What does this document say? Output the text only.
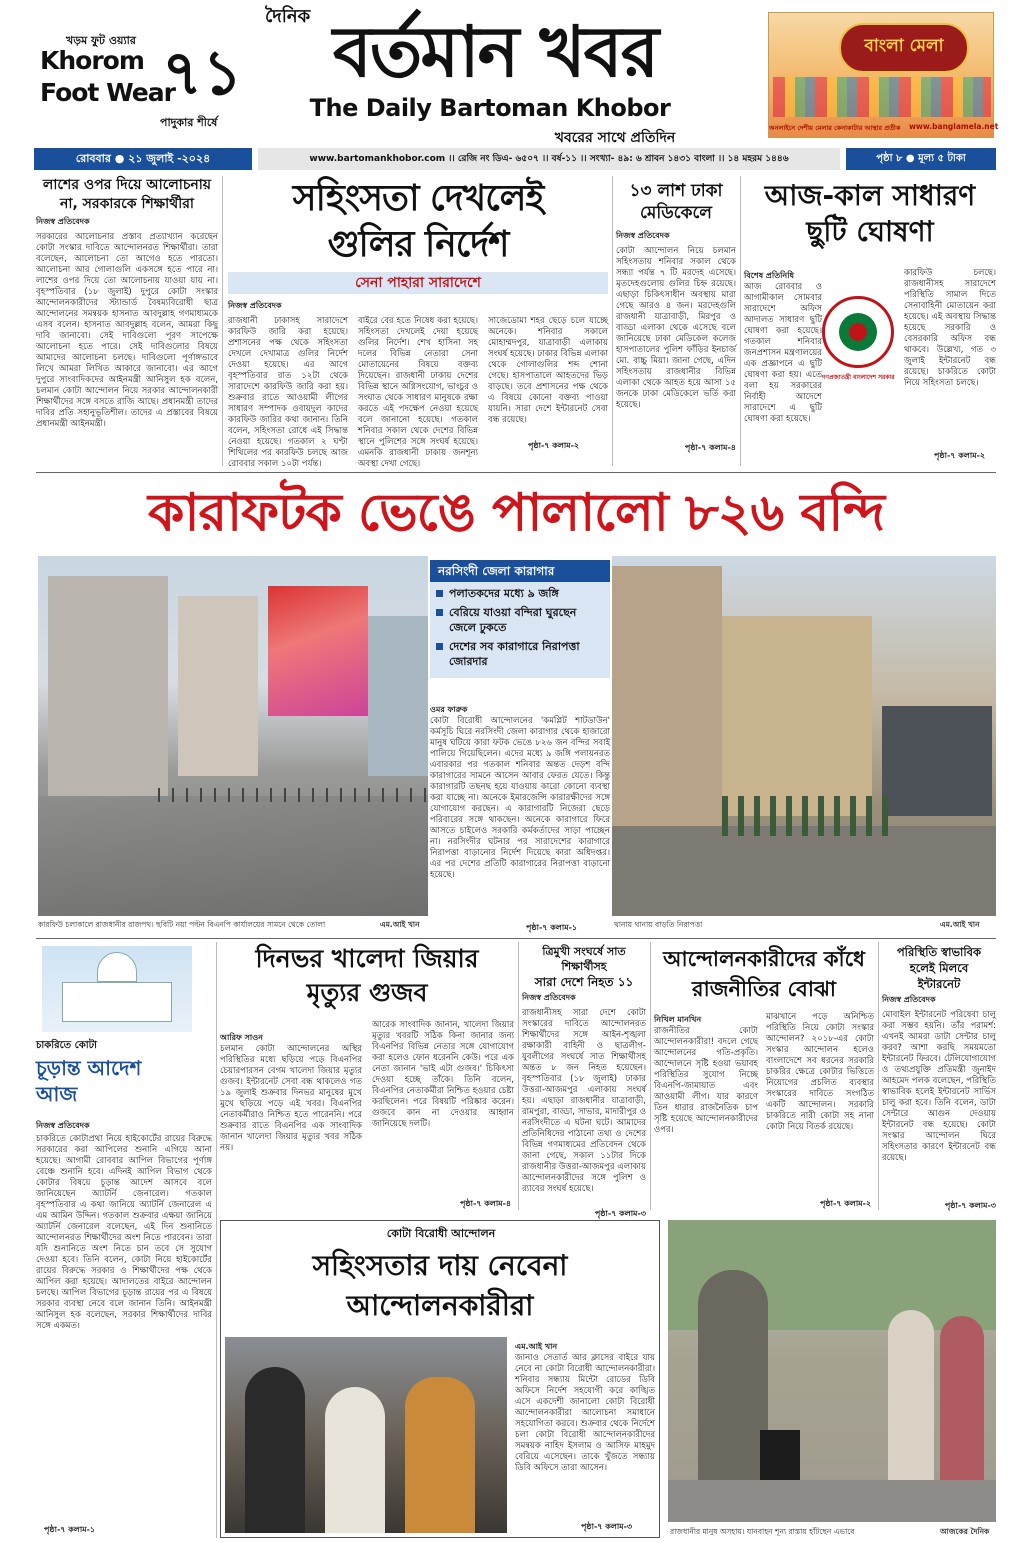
খড়ম ফুট ওয়্যার
Khorom
Foot Wear
পাদুকার শীর্ষে
৭১
দৈনিক বর্তমান খবর
The Daily Bartoman Khobor
খবরের সাথে প্রতিদিন
বাংলা মেলা
অনলাইনে দেশীয় মেলার কেনাকাটার আস্থার প্রতীক	www.banglamela.net
রোববার ● ২১ জুলাই -২০২৪	www.bartomankhobor.com ।। রেজি নং ডিএ- ৬৫০৭ ।। বর্ষ-১১ ।। সংখ্যা- ৪৯: ৬ শ্রাবন ১৪৩১ বাংলা ।। ১৪ মহরম ১৪৪৬	পৃষ্ঠা ৮ ● মূল্য ৫ টাকা
লাশের ওপর দিয়ে আলোচনায় না, সরকারকে শিক্ষার্থীরা
নিজস্ব প্রতিবেদক
সরকারের আলোচনার প্রস্তাব প্রত্যাখ্যান করেছেন কোটা সংস্কার দাবিতে আন্দোলনরত শিক্ষার্থীরা। তারা বলেছেন, আলোচনা তো আগেও হতে পারতো। আলোচনা আর গোলাগুলি একসঙ্গে হতে পারে না। লাশের ওপর দিয়ে তো আলোচনায় যাওয়া যায় না। বৃহস্পতিবার (১৮ জুলাই) দুপুরে কোটা সংস্কার আন্দোলনকারীদের স্ট্যান্ডার্ড বৈষম্যবিরোধী ছাত্র আন্দোলনের সমন্বয়ক হাসনাত আবদুল্লাহ গণমাধ্যমকে এসব বলেন। হাসনাত আবদুল্লাহ বলেন, আমরা কিছু দাবি জানাবো। সেই দাবিগুলো পূরণ সাপেক্ষে আলোচনা হতে পারে। সেই দাবিগুলোর বিষয়ে আমাদের আলোচনা চলছে। দাবিগুলো পূর্ণাঙ্গভাবে লিখে আমরা লিখিত আকারে জানাবো। এর আগে দুপুরে সাংবাদিকদের আইনমন্ত্রী আনিসুল হক বলেন, চলমান কোটা আন্দোলন নিয়ে সরকার আন্দোলনকারী শিক্ষার্থীদের সঙ্গে বসতে রাজি আছে। প্রধানমন্ত্রী তাদের দাবির প্রতি সহানুভূতিশীল। তাদের এ প্রস্তাবের বিষয়ে প্রধানমন্ত্রী আইনমন্ত্রী।
সহিংসতা দেখলেই
গুলির নির্দেশ
সেনা পাহারা সারাদেশে
নিজস্ব প্রতিবেদক
রাজধানী ঢাকাসহ সারাদেশে কারফিউ জারি করা হয়েছে। প্রশাসনের পক্ষ থেকে সহিংসতা দেখলে দেখামাত্র গুলির নির্দেশ দেওয়া হয়েছে। এর আগে বৃহস্পতিবার রাত ১২টা থেকে সারাদেশে কারফিউ জারি করা হয়। শুক্রবার রাতে আওয়ামী লীগের সাধারণ সম্পাদক ওবায়দুল কাদের কারফিউ জারির কথা জানান। তিনি বলেন, সহিংসতা রোধে এই সিদ্ধান্ত নেওয়া হয়েছে। গতকাল ২ ঘণ্টা শিথিলের পর কারফিউ চলছে আজ রোববার সকাল ১০টা পর্যন্ত।
বাইরে বের হতে নিষেধ করা হয়েছে। সহিংসতা দেখলেই দেয়া হয়েছে গুলির নির্দেশ। শেখ হাসিনা সহ দলের বিভিন্ন নেতারা সেনা মোতায়েনের বিষয়ে বক্তব্য দিয়েছেন। রাজধানী ঢাকায় দেশের বিভিন্ন স্থানে অগ্নিসংযোগ, ভাংচুর ও সংঘাত থেকে সাধারণ মানুষকে রক্ষা করতে এই পদক্ষেপ নেওয়া হয়েছে বলে জানানো হয়েছে। গতকাল শনিবার সকাল থেকে দেশের বিভিন্ন স্থানে পুলিশের সঙ্গে সংঘর্ষ হয়েছে। এমনকি রাজধানী ঢাকায় জনশূন্য অবস্থা দেখা গেছে।
সাজেডোমা শহর ছেড়ে চলে যাচ্ছে অনেকে। শনিবার সকালে মোহাম্মদপুর, যাত্রাবাড়ী এলাকায় সংঘর্ষ হয়েছে। ঢাকার বিভিন্ন এলাকা থেকে গোলাগুলির শব্দ শোনা গেছে। হাসপাতালে আহতদের ভিড় বাড়ছে। তবে প্রশাসনের পক্ষ থেকে এ বিষয়ে কোনো বক্তব্য পাওয়া যায়নি। সারা দেশে ইন্টারনেট সেবা বন্ধ রয়েছে।
পৃষ্ঠা-৭ কলাম-২
১৩ লাশ ঢাকা
মেডিকেলে
নিজস্ব প্রতিবেদক
কোটা আন্দোলন নিয়ে চলমান সহিংসতায় শনিবার সকাল থেকে সন্ধ্যা পর্যন্ত ৭ টি মরদেহ এসেছে। মৃতদেহগুলোয় গুলির চিহ্ন রয়েছে। এছাড়া চিকিৎসাধীন অবস্থায় মারা গেছে আরও ৪ জন। মরদেহগুলি রাজধানী যাত্রাবাড়ী, মিরপুর ও বাড্ডা এলাকা থেকে এসেছে বলে জানিয়েছে ঢাকা মেডিকেল কলেজ হাসপাতালের পুলিশ ফাঁড়ির ইনচার্জ মো. বাচ্চু মিয়া। জানা গেছে, এদিন সহিংসতায় রাজধানীর বিভিন্ন এলাকা থেকে আহত হয়ে আসা ১৫ জনকে ঢাকা মেডিকেলে ভর্তি করা হয়েছে।
পৃষ্ঠা-৭ কলাম-৪
আজ-কাল সাধারণ
ছুটি ঘোষণা
বিশেষ প্রতিনিধি
আজ রোববার ও আগামীকাল সোমবার সারাদেশে অফিস আদালত সাধারণ ছুটি ঘোষণা করা হয়েছে। গতকাল শনিবার জনপ্রশাসন মন্ত্রণালয়ের এক প্রজ্ঞাপনে এ ছুটি ঘোষণা করা হয়। এতে বলা হয় সরকারের নির্বাহী আদেশে সারাদেশে এ ছুটি ঘোষণা করা হয়েছে।
গণপ্রজাতন্ত্রী বাংলাদেশ সরকার
কারফিউ চলছে। রাজধানীসহ সারাদেশে পরিস্থিতি সামাল দিতে সেনাবাহিনী মোতায়েন করা হয়েছে। এই অবস্থায় সিদ্ধান্ত হয়েছে সরকারি ও বেসরকারি অফিস বন্ধ থাকবে। উল্লেখ্য, গত ৩ জুলাই ইন্টারনেট বন্ধ রয়েছে। চাকরিতে কোটা নিয়ে সহিংসতা চলছে।
পৃষ্ঠা-৭ কলাম-২
কারাফটক ভেঙে পালালো ৮২৬ বন্দি
নরসিংদী জেলা কারাগার
পলাতকদের মধ্যে ৯ জঙ্গি
বেরিয়ে যাওয়া বন্দিরা ঘুরছেন জেলে ঢুকতে
দেশের সব কারাগারে নিরাপত্তা জোরদার
ওমর ফারুক
কোটা বিরোধী আন্দোলনের 'কমপ্লিট শাটডাউন' কর্মসূচি ঘিরে নরসিংদী জেলা কারাগার থেকে হাজারো মানুষ ঘটিয়ে কারা ফটক ভেঙে ৮২৬ জন বন্দির সবাই পালিয়ে গিয়েছিলেন। এদের মধ্যে ৯ জঙ্গি পলায়নরত এবারকার পর গতকাল শনিবার অন্তত দেড়শ বন্দি কারাগারের সামনে আসেন আবার ফেরত যেতে। কিন্তু কারাগারটি তছনছ হয়ে যাওয়ায় কারো কোনো ব্যবস্থা করা যাচ্ছে না। অনেকে ইমারজেন্সি কারারক্ষীদের সঙ্গে যোগাযোগ করছেন। এ কারাগারটি নিজেরা ছেড়ে পরিবারের সঙ্গে থাকছেন। অনেকে কারাগারে ফিরে আসতে চাইলেও সরকারি কর্মকর্তাদের সাড়া পাচ্ছেন না। নরসিংদীর ঘটনার পর সারাদেশের কারাগারে নিরাপত্তা বাড়ানোর নির্দেশ দিয়েছে কারা অধিদপ্তর। এর পর দেশের প্রতিটি কারাগারের নিরাপত্তা বাড়ানো হয়েছে।
পৃষ্ঠা-৭ কলাম-১
কারফিউ চলাকালে রাজধানীর রাজপথ। ছবিটি নয়া পল্টন বিএনপি কার্যালয়ের সামনে থেকে তোলা	এম.আই খান	থানায় থানায় বাড়তি নিরাপত্তা	এম.আই খান
চাকরিতে কোটা
চূড়ান্ত আদেশ
আজ
নিজস্ব প্রতিবেদক
চাকরিতে কোটাপ্রথা নিয়ে হাইকোর্টের রায়ের বিরুদ্ধে সরকারের করা আপিলের শুনানি এগিয়ে আনা হয়েছে। আগামী রোববার আপিল বিভাগের পূর্ণাঙ্গ বেঞ্চে শুনানি হবে। এদিনই আপিল বিভাগ থেকে কোটার বিষয়ে চূড়ান্ত আদেশ আসবে বলে জানিয়েছেন অ্যাটর্নি জেনারেল। গতকাল বৃহস্পতিবার এ কথা জানিয়ে অ্যাটর্নি জেনারেল এ এম আমিন উদ্দিন। গতকাল শুক্রবার এক্ষয়া জানিয়ে অ্যাটর্নি জেনারেল বলেছেন, এই দিন শুনানিতে আন্দোলনরত শিক্ষার্থীদের অংশ নিতে পারবেন। তারা যদি শুনানিতে অংশ নিতে চান তবে সে সুযোগ দেওয়া হবে। তিনি বলেন, কোটা নিয়ে হাইকোর্টের রায়ের বিরুদ্ধে সরকার ও শিক্ষার্থীদের পক্ষ থেকে আপিল করা হয়েছে। আদালতের বাইরে আন্দোলন চলছে। আপিল বিভাগের চূড়ান্ত রায়ের পর এ বিষয়ে সরকার ব্যবস্থা নেবে বলে জানান তিনি। আইনমন্ত্রী আনিসুল হক বলেছেন, সরকার শিক্ষার্থীদের দাবির সঙ্গে একমত।
পৃষ্ঠা-৭ কলাম-১
দিনভর খালেদা জিয়ার
মৃত্যুর গুজব
আরিফ সাওন
চলমান কোটা আন্দোলনের অস্থির পরিস্থিতির মধ্যে ছড়িয়ে পড়ে বিএনপির চেয়ারপারসন বেগম খালেদা জিয়ার মৃত্যুর গুজব। ইন্টারনেট সেবা বন্ধ থাকলেও গত ১৯ জুলাই শুক্রবার দিনভর মানুষের মুখে মুখে ছড়িয়ে পড়ে এই খবর। বিএনপির নেতাকর্মীরাও নিশ্চিত হতে পারেননি। পরে শুক্রবার রাতে বিএনপির এক সাংবাদিক জানান খালেদা জিয়ার মৃত্যুর খবর সঠিক নয়।
আরেক সাংবাদিক জানান, খালেদা জিয়ার মৃত্যুর খবরটি সঠিক কিনা জানার জন্য বিএনপির বিভিন্ন নেতার সঙ্গে যোগাযোগ করা হলেও ফোন ধরেননি কেউ। পরে এক নেতা জানান 'ভাই এটা গুজব।' চিকিৎসা দেওয়া হচ্ছে তাঁকে। তিনি বলেন, বিএনপির নেতাকর্মীরা নিশ্চিত হওয়ার চেষ্টা করছিলেন। পরে বিষয়টি পরিষ্কার করেন। গুজবে কান না দেওয়ার আহ্বান জানিয়েছে দলটি।
পৃষ্ঠা-৭ কলাম-৪
ত্রিমুখী সংঘর্ষে সাত শিক্ষার্থীসহ
সারা দেশে নিহত ১১
নিজস্ব প্রতিবেদক
রাজধানীসহ সারা দেশে কোটা সংস্কারের দাবিতে আন্দোলনরত শিক্ষার্থীদের সঙ্গে আইন-শৃঙ্খলা রক্ষাকারী বাহিনী ও ছাত্রলীগ-যুবলীগের সংঘর্ষে সাত শিক্ষার্থীসহ অন্তত ৮ জন নিহত হয়েছেন। বৃহস্পতিবার (১৮ জুলাই) ঢাকার উত্তরা-আজমপুর এলাকায় সংঘর্ষ হয়। এছাড়া রাজধানীর যাত্রাবাড়ী, রামপুরা, বাড্ডা, সাভার, মাদারীপুর ও নরসিংদীতে এ ঘটনা ঘটে। আমাদের প্রতিনিধিদের পাঠানো তথ্য ও দেশের বিভিন্ন গণমাধ্যমের প্রতিবেদন থেকে জানা গেছে, সকাল ১১টার দিকে রাজধানীর উত্তরা-আজমপুর এলাকায় আন্দোলনকারীদের সঙ্গে পুলিশ ও র‍্যাবের সংঘর্ষ হয়েছে।
পৃষ্ঠা-৭ কলাম-৩
আন্দোলনকারীদের কাঁধে
রাজনীতির বোঝা
নিখিল মানখিন
রাজনীতির কোটা আন্দোলনকারীরা! বদলে গেছে আন্দোলনের গতি-প্রকৃতি। আন্দোলনে সৃষ্টি হওয়া ভয়াবহ পরিস্থিতির সুযোগ নিচ্ছে বিএনপি-জামায়াত এবং আওয়ামী লীগ। যার কারণে তিন ধারার রাজনৈতিক চাপ সৃষ্টি হয়েছে আন্দোলনকারীদের ওপর।
মাঝখানে পড়ে অনিশ্চিত পরিস্থিতি নিয়ে কোটা সংস্কার আন্দোলন? ২০১৮-এর কোটা সংস্কার আন্দোলন হলেও বাংলাদেশে সব ধরনের সরকারি চাকরির ক্ষেত্রে কোটার ভিত্তিতে নিয়োগের প্রচলিত ব্যবস্থার সংস্কারের দাবিতে সংগঠিত একটি আন্দোলন। সরকারি চাকরিতে নারী কোটা সহ নানা কোটা নিয়ে বিতর্ক রয়েছে।
পৃষ্ঠা-৭ কলাম-২
পরিস্থিতি স্বাভাবিক
হলেই মিলবে
ইন্টারনেট
নিজস্ব প্রতিবেদক
মোবাইল ইন্টারনেট পরিষেবা চালু করা সম্ভব হয়নি। তাঁর পরামর্শ: এখনই আমরা ডাটা সেন্টার চালু করব? আশা করছি সময়মতো ইন্টারনেট ফিরবে। টেলিযোগাযোগ ও তথ্যপ্রযুক্তি প্রতিমন্ত্রী জুনাইদ আহমেদ পলক বলেছেন, পরিস্থিতি স্বাভাবিক হলেই ইন্টারনেট সার্ভিস চালু করা হবে। তিনি বলেন, ডাটা সেন্টারে আগুন দেওয়ায় ইন্টারনেট বন্ধ হয়েছে। কোটা সংস্কার আন্দোলন ঘিরে সহিংসতার কারণে ইন্টারনেট বন্ধ রয়েছে।
পৃষ্ঠা-৭ কলাম-৩
কোটা বিরোধী আন্দোলন
সহিংসতার দায় নেবেনা
আন্দোলনকারীরা
এম.আই খান
জানাও সেতার্ত আর ক্লাসের বাইরে যায় নেবে না কোটা বিরোধী আন্দোলনকারীরা। শনিবার সন্ধ্যায় মিন্টো রোডের ডিবি অফিসে নির্দেশ সহযোগী করে কাঙ্খিত এসে একদেশী জানালো কোটা বিরোধী আন্দোলনকারীরা আলোচনা সমাধানে সহযোগিতা করবে। শুক্রবার থেকে নির্দেশে চলা কোটা বিরোধী আন্দোলনকারীদের সমন্বয়ক নাহিদ ইসলাম ও আসিফ মাহমুদ বেরিয়ে এসেছেন। তাকে খুঁজতে সন্ধ্যায় ডিবি অফিসে তারা আসেন।
পৃষ্ঠা-৭ কলাম-৩
রাজধানীর মানুষ অসহায়। যানবাহন শূন্য রাস্তায় হাঁটছেন এভাবে	আজকের দৈনিক
